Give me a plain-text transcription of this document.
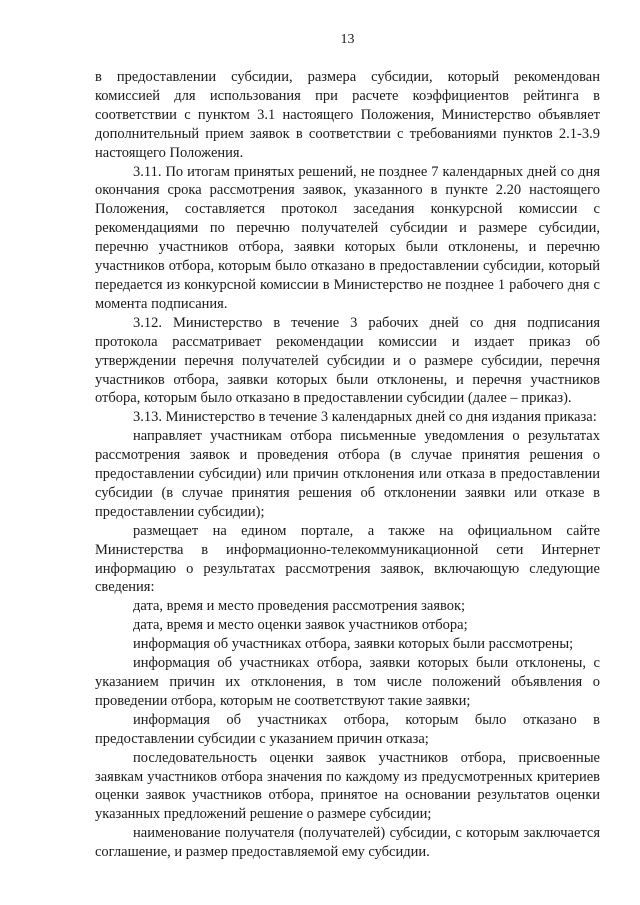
13

в предоставлении субсидии, размера субсидии, который рекомендован комиссией для использования при расчете коэффициентов рейтинга в соответствии с пунктом 3.1 настоящего Положения, Министерство объявляет дополнительный прием заявок в соответствии с требованиями пунктов 2.1-3.9 настоящего Положения.

3.11. По итогам принятых решений, не позднее 7 календарных дней со дня окончания срока рассмотрения заявок, указанного в пункте 2.20 настоящего Положения, составляется протокол заседания конкурсной комиссии с рекомендациями по перечню получателей субсидии и размере субсидии, перечню участников отбора, заявки которых были отклонены, и перечню участников отбора, которым было отказано в предоставлении субсидии, который передается из конкурсной комиссии в Министерство не позднее 1 рабочего дня с момента подписания.

3.12. Министерство в течение 3 рабочих дней со дня подписания протокола рассматривает рекомендации комиссии и издает приказ об утверждении перечня получателей субсидии и о размере субсидии, перечня участников отбора, заявки которых были отклонены, и перечня участников отбора, которым было отказано в предоставлении субсидии (далее – приказ).

3.13. Министерство в течение 3 календарных дней со дня издания приказа:

направляет участникам отбора письменные уведомления о результатах рассмотрения заявок и проведения отбора (в случае принятия решения о предоставлении субсидии) или причин отклонения или отказа в предоставлении субсидии (в случае принятия решения об отклонении заявки или отказе в предоставлении субсидии);

размещает на едином портале, а также на официальном сайте Министерства в информационно-телекоммуникационной сети Интернет информацию о результатах рассмотрения заявок, включающую следующие сведения:

дата, время и место проведения рассмотрения заявок;

дата, время и место оценки заявок участников отбора;

информация об участниках отбора, заявки которых были рассмотрены;

информация об участниках отбора, заявки которых были отклонены, с указанием причин их отклонения, в том числе положений объявления о проведении отбора, которым не соответствуют такие заявки;

информация об участниках отбора, которым было отказано в предоставлении субсидии с указанием причин отказа;

последовательность оценки заявок участников отбора, присвоенные заявкам участников отбора значения по каждому из предусмотренных критериев оценки заявок участников отбора, принятое на основании результатов оценки указанных предложений решение о размере субсидии;

наименование получателя (получателей) субсидии, с которым заключается соглашение, и размер предоставляемой ему субсидии.
